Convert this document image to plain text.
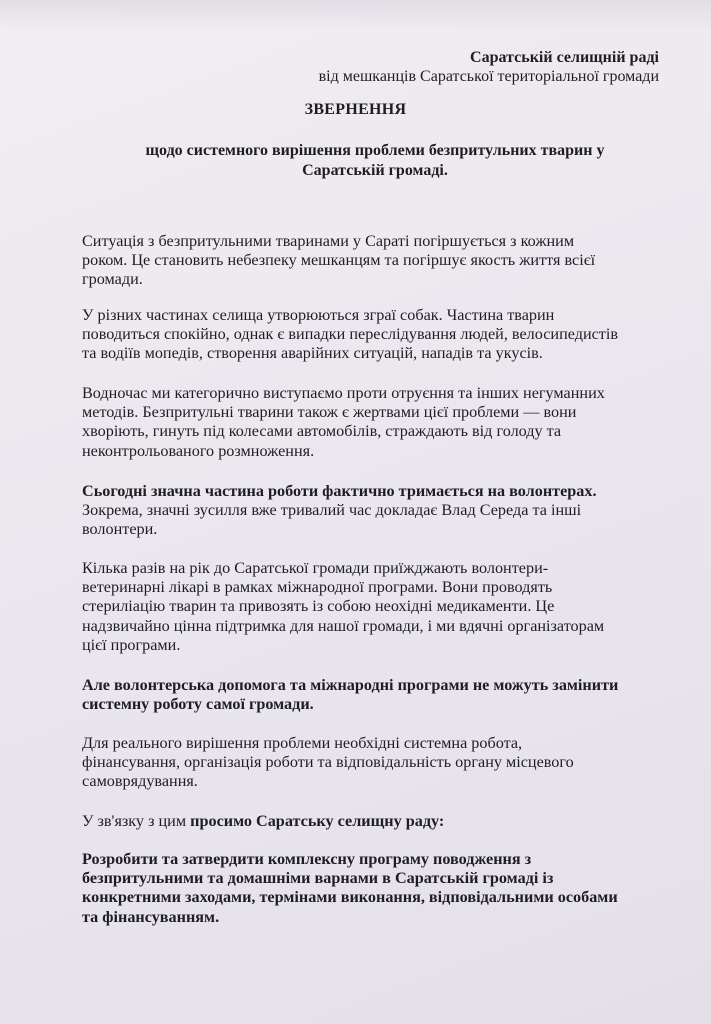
Саратській селищній раді
від мешканців Саратської територіальної громади
ЗВЕРНЕННЯ
щодо системного вирішення проблеми безпритульних тварин у
Саратській громаді.
Ситуація з безпритульними тваринами у Сараті погіршується з кожним
роком. Це становить небезпеку мешканцям та погіршує якость життя всієї
громади.
У різних частинах селища утворюються зграї собак. Частина тварин
поводиться спокійно, однак є випадки переслідування людей, велосипедистів
та водіїв мопедів, створення аварійних ситуацій, нападів та укусів.
Водночас ми категорично виступаємо проти отруєння та інших негуманних
методів. Безпритульні тварини також є жертвами цієї проблеми — вони
хворіють, гинуть під колесами автомобілів, страждають від голоду та
неконтрольованого розмноження.
Сьогодні значна частина роботи фактично тримається на волонтерах.
Зокрема, значні зусилля вже тривалий час докладає Влад Середа та інші
волонтери.
Кілька разів на рік до Саратської громади приїжджають волонтери-
ветеринарні лікарі в рамках міжнародної програми. Вони проводять
стериліацію тварин та привозять із собою неохідні медикаменти. Це
надзвичайно цінна підтримка для нашої громади, і ми вдячні організаторам
цієї програми.
Але волонтерська допомога та міжнародні програми не можуть замінити
системну роботу самої громади.
Для реального вирішення проблеми необхідні системна робота,
фінансування, організація роботи та відповідальність органу місцевого
самоврядування.
У зв'язку з цим просимо Саратську селищну раду:
Розробити та затвердити комплексну програму поводження з
безпритульними та домашніми варнами в Саратській громаді із
конкретними заходами, термінами виконання, відповідальними особами
та фінансуванням.
